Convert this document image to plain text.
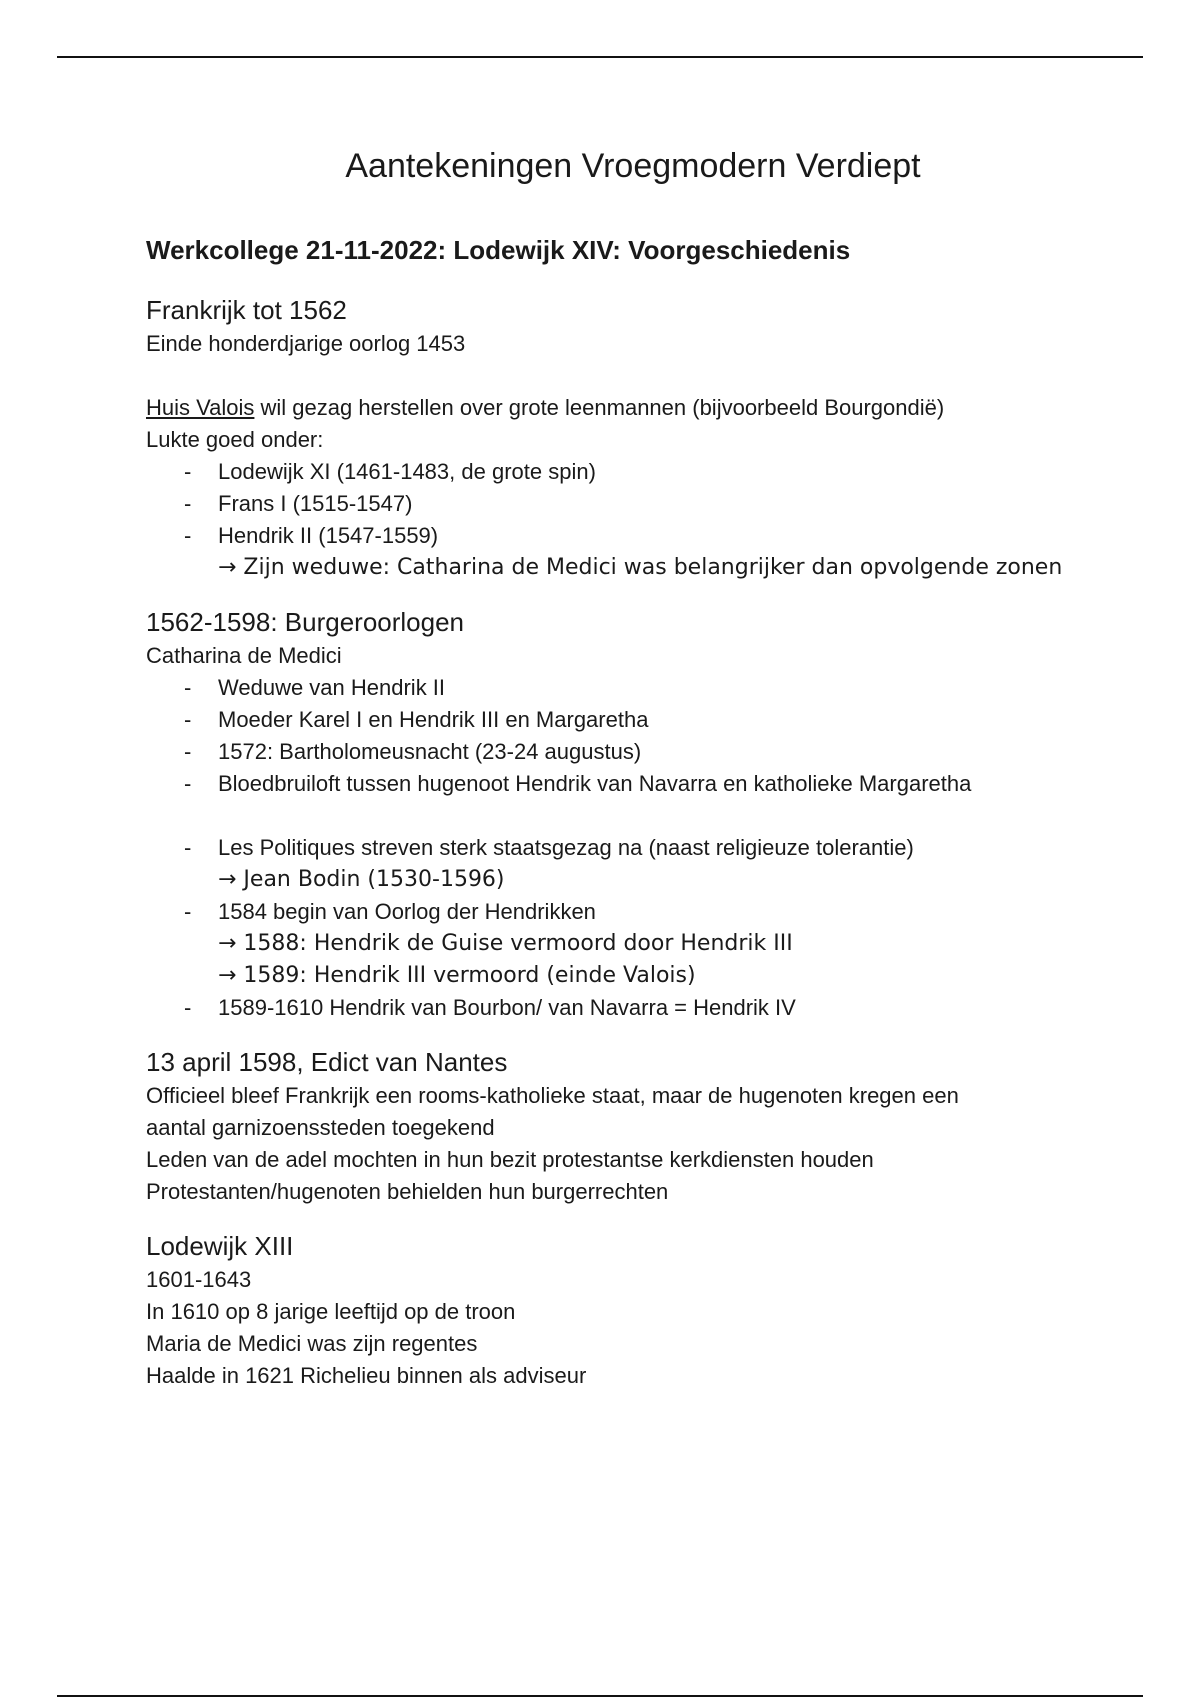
Aantekeningen Vroegmodern Verdiept
Werkcollege 21-11-2022: Lodewijk XIV: Voorgeschiedenis
Frankrijk tot 1562

Einde honderdjarige oorlog 1453

Huis Valois wil gezag herstellen over grote leenmannen (bijvoorbeeld Bourgondië)

Lukte goed onder:

- Lodewijk XI (1461-1483, de grote spin)
- Frans I (1515-1547)
- Hendrik II (1547-1559)
→ Zijn weduwe: Catharina de Medici was belangrijker dan opvolgende zonen
1562-1598: Burgeroorlogen

Catharina de Medici

- Weduwe van Hendrik II
- Moeder Karel I en Hendrik III en Margaretha
- 1572: Bartholomeusnacht (23-24 augustus)
- Bloedbruiloft tussen hugenoot Hendrik van Navarra en katholieke Margaretha
- Les Politiques streven sterk staatsgezag na (naast religieuze tolerantie)
→ Jean Bodin (1530-1596)
- 1584 begin van Oorlog der Hendrikken
→ 1588: Hendrik de Guise vermoord door Hendrik III
→ 1589: Hendrik III vermoord (einde Valois)
- 1589-1610 Hendrik van Bourbon/ van Navarra = Hendrik IV
13 april 1598, Edict van Nantes

Officieel bleef Frankrijk een rooms-katholieke staat, maar de hugenoten kregen een

aantal garnizoenssteden toegekend

Leden van de adel mochten in hun bezit protestantse kerkdiensten houden

Protestanten/hugenoten behielden hun burgerrechten

Lodewijk XIII

1601-1643

In 1610 op 8 jarige leeftijd op de troon

Maria de Medici was zijn regentes

Haalde in 1621 Richelieu binnen als adviseur
